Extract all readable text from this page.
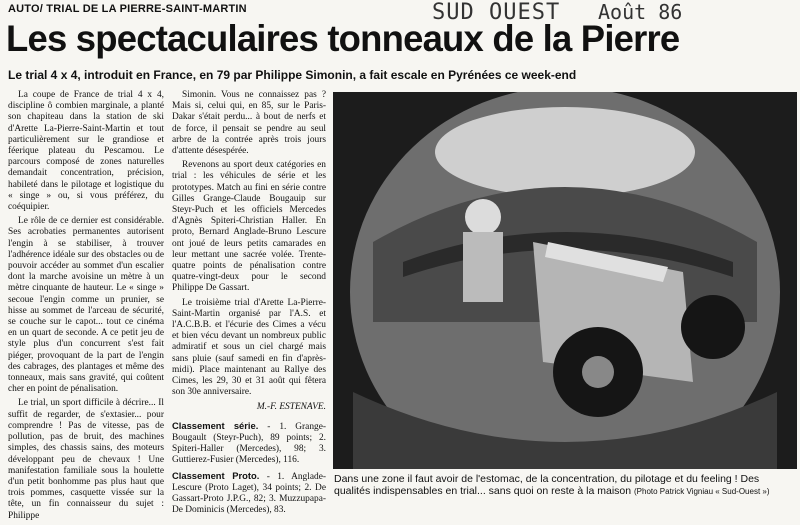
AUTO/ TRIAL DE LA PIERRE-SAINT-MARTIN	SUD OUEST Août 86
Les spectaculaires tonneaux de la Pierre
Le trial 4 x 4, introduit en France, en 79 par Philippe Simonin, a fait escale en Pyrénées ce week-end

La coupe de France de trial 4 x 4, discipline ô combien marginale, a planté son chapiteau dans la station de ski d'Arette La-Pierre-Saint-Martin et tout particulièrement sur le grandiose et féerique plateau du Pescamou. Le parcours composé de zones naturelles demandait concentration, précision, habileté dans le pilotage et logistique du « singe » ou, si vous préférez, du coéquipier.

Le rôle de ce dernier est considérable. Ses acrobaties permanentes autorisent l'engin à se stabiliser, à trouver l'adhérence idéale sur des obstacles ou de pouvoir accéder au sommet d'un escalier dont la marche avoisine un mètre à un mètre cinquante de hauteur. Le « singe » secoue l'engin comme un prunier, se hisse au sommet de l'arceau de sécurité, se couche sur le capot... tout ce cinéma en un quart de seconde. A ce petit jeu de style plus d'un concurrent s'est fait piéger, provoquant de la part de l'engin des cabrages, des plantages et même des tonneaux, mais sans gravité, qui coûtent cher en point de pénalisation.

Le trial, un sport difficile à décrire... Il suffit de regarder, de s'extasier... pour comprendre ! Pas de vitesse, pas de pollution, pas de bruit, des machines simples, des chassis sains, des moteurs développant peu de chevaux ! Une manifestation familiale sous la houlette d'un petit bonhomme pas plus haut que trois pommes, casquette vissée sur la tête, un fin connaisseur du sujet : Philippe

Simonin. Vous ne connaissez pas ? Mais si, celui qui, en 85, sur le Paris-Dakar s'était perdu... à bout de nerfs et de force, il pensait se pendre au seul arbre de la contrée après trois jours d'attente désespérée.

Revenons au sport deux catégories en trial : les véhicules de série et les prototypes. Match au fini en série contre Gilles Grange-Claude Bougauip sur Steyr-Puch et les officiels Mercedes d'Agnès Spiteri-Christian Haller. En proto, Bernard Anglade-Bruno Lescure ont joué de leurs petits camarades en leur mettant une sacrée volée. Trente-quatre points de pénalisation contre quatre-vingt-deux pour le second Philippe De Gassart.

Le troisième trial d'Arette La-Pierre-Saint-Martin organisé par l'A.S. et l'A.C.B.B. et l'écurie des Cimes a vécu et bien vécu devant un nombreux public admiratif et sous un ciel chargé mais sans pluie (sauf samedi en fin d'après-midi). Place maintenant au Rallye des Cimes, les 29, 30 et 31 août qui fêtera son 30e anniversaire.

M.-F. ESTENAVE.

Classement série. - 1. Grange-Bougault (Steyr-Puch), 89 points; 2. Spiteri-Haller (Mercedes), 98; 3. Guttierez-Fusier (Mercedes), 116.

Classement Proto. - 1. Anglade-Lescure (Proto Laget), 34 points; 2. De Gassart-Proto J.P.G., 82; 3. Muzzupapa-De Dominicis (Mercedes), 83.

Dans une zone il faut avoir de l'estomac, de la concentration, du pilotage et du feeling ! Des qualités indispensables en trial... sans quoi on reste à la maison (Photo Patrick Vigniau « Sud-Ouest »)
